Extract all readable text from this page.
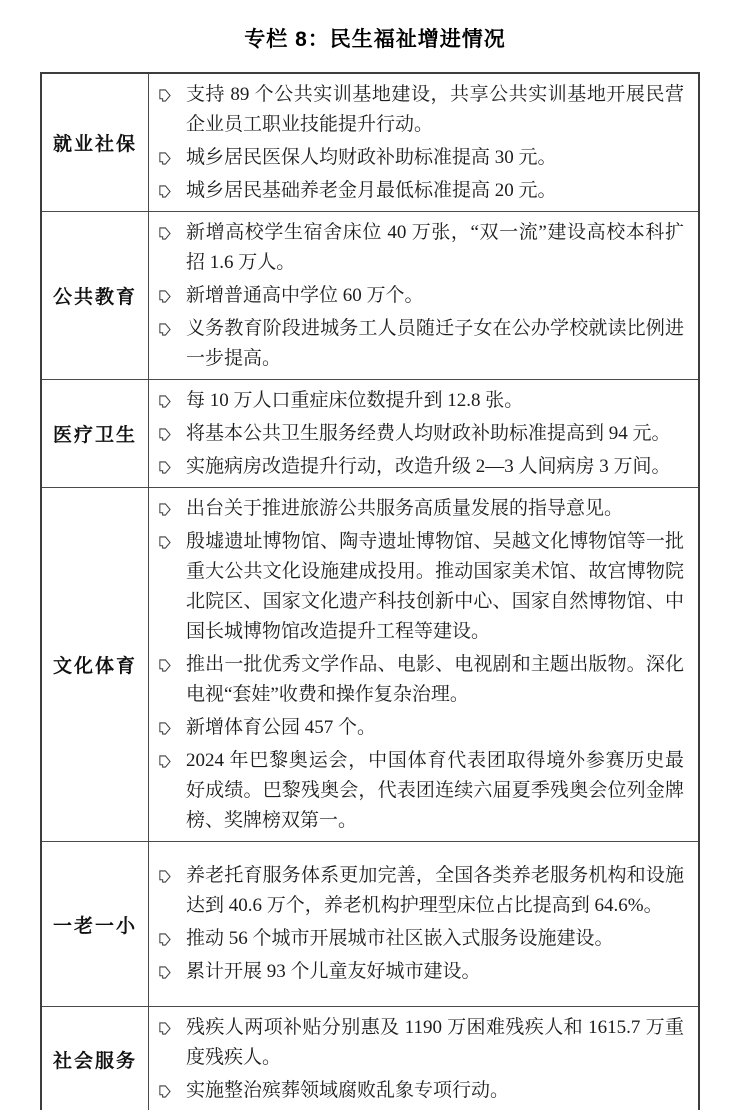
专栏 8：民生福祉增进情况
就业社保
支持 89 个公共实训基地建设，共享公共实训基地开展民营企业员工职业技能提升行动。
城乡居民医保人均财政补助标准提高 30 元。
城乡居民基础养老金月最低标准提高 20 元。
公共教育
新增高校学生宿舍床位 40 万张，“双一流”建设高校本科扩招 1.6 万人。
新增普通高中学位 60 万个。
义务教育阶段进城务工人员随迁子女在公办学校就读比例进一步提高。
医疗卫生
每 10 万人口重症床位数提升到 12.8 张。
将基本公共卫生服务经费人均财政补助标准提高到 94 元。
实施病房改造提升行动，改造升级 2—3 人间病房 3 万间。
文化体育
出台关于推进旅游公共服务高质量发展的指导意见。
殷墟遗址博物馆、陶寺遗址博物馆、吴越文化博物馆等一批重大公共文化设施建成投用。推动国家美术馆、故宫博物院北院区、国家文化遗产科技创新中心、国家自然博物馆、中国长城博物馆改造提升工程等建设。
推出一批优秀文学作品、电影、电视剧和主题出版物。深化电视“套娃”收费和操作复杂治理。
新增体育公园 457 个。
2024 年巴黎奥运会，中国体育代表团取得境外参赛历史最好成绩。巴黎残奥会，代表团连续六届夏季残奥会位列金牌榜、奖牌榜双第一。
一老一小
养老托育服务体系更加完善，全国各类养老服务机构和设施达到 40.6 万个，养老机构护理型床位占比提高到 64.6%。
推动 56 个城市开展城市社区嵌入式服务设施建设。
累计开展 93 个儿童友好城市建设。
社会服务
残疾人两项补贴分别惠及 1190 万困难残疾人和 1615.7 万重度残疾人。
实施整治殡葬领域腐败乱象专项行动。
